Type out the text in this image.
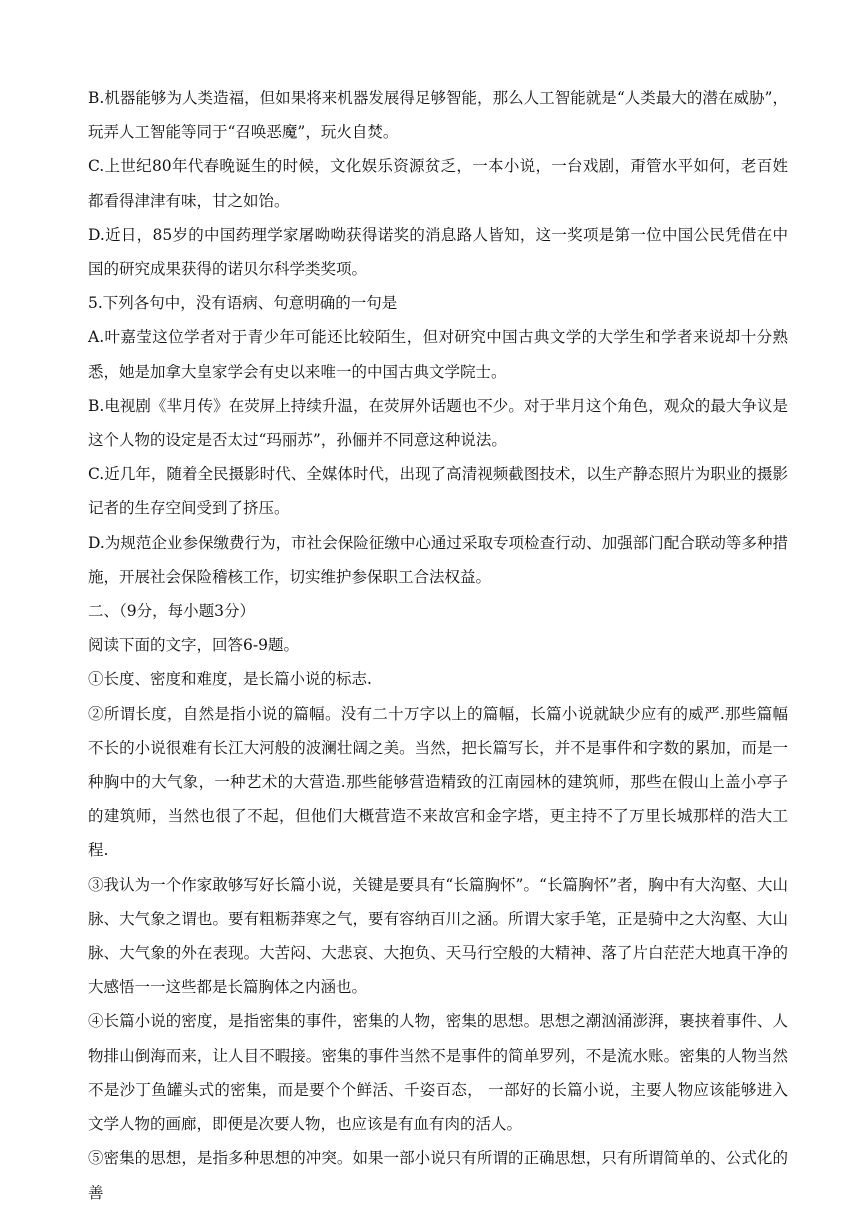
B.机器能够为人类造福，但如果将来机器发展得足够智能，那么人工智能就是“人类最大的潜在威胁”，玩弄人工智能等同于“召唤恶魔”，玩火自焚。

C.上世纪80年代春晚诞生的时候，文化娱乐资源贫乏，一本小说，一台戏剧，甭管水平如何，老百姓都看得津津有味，甘之如饴。

D.近日，85岁的中国药理学家屠呦呦获得诺奖的消息路人皆知，这一奖项是第一位中国公民凭借在中国的研究成果获得的诺贝尔科学类奖项。

5.下列各句中，没有语病、句意明确的一句是

A.叶嘉莹这位学者对于青少年可能还比较陌生，但对研究中国古典文学的大学生和学者来说却十分熟悉，她是加拿大皇家学会有史以来唯一的中国古典文学院士。

B.电视剧《芈月传》在荧屏上持续升温，在荧屏外话题也不少。对于芈月这个角色，观众的最大争议是这个人物的设定是否太过“玛丽苏”，孙俪并不同意这种说法。

C.近几年，随着全民摄影时代、全媒体时代，出现了高清视频截图技术，以生产静态照片为职业的摄影记者的生存空间受到了挤压。

D.为规范企业参保缴费行为，市社会保险征缴中心通过采取专项检查行动、加强部门配合联动等多种措施，开展社会保险稽核工作，切实维护参保职工合法权益。

二、（9分，每小题3分）

阅读下面的文字，回答6-9题。

①长度、密度和难度，是长篇小说的标志.

②所谓长度，自然是指小说的篇幅。没有二十万字以上的篇幅，长篇小说就缺少应有的威严.那些篇幅不长的小说很难有长江大河般的波澜壮阔之美。当然，把长篇写长，并不是事件和字数的累加，而是一种胸中的大气象，一种艺术的大营造.那些能够营造精致的江南园林的建筑师，那些在假山上盖小亭子的建筑师，当然也很了不起，但他们大概营造不来故宫和金字塔，更主持不了万里长城那样的浩大工程.

③我认为一个作家敢够写好长篇小说，关键是要具有“长篇胸怀”。“长篇胸怀”者，胸中有大沟壑、大山脉、大气象之谓也。要有粗粝莽寒之气，要有容纳百川之涵。所谓大家手笔，正是骑中之大沟壑、大山脉、大气象的外在表现。大苦闷、大悲哀、大抱负、天马行空般的大精神、落了片白茫茫大地真干净的大感悟一一这些都是长篇胸体之内涵也。

④长篇小说的密度，是指密集的事件，密集的人物，密集的思想。思想之潮汹涌澎湃，裹挟着事件、人物排山倒海而来，让人目不暇接。密集的事件当然不是事件的简单罗列，不是流水账。密集的人物当然不是沙丁鱼罐头式的密集，而是要个个鲜活、千姿百态， 一部好的长篇小说，主要人物应该能够进入文学人物的画廊，即便是次要人物，也应该是有血有肉的活人。

⑤密集的思想，是指多种思想的冲突。如果一部小说只有所谓的正确思想，只有所谓简单的、公式化的善
